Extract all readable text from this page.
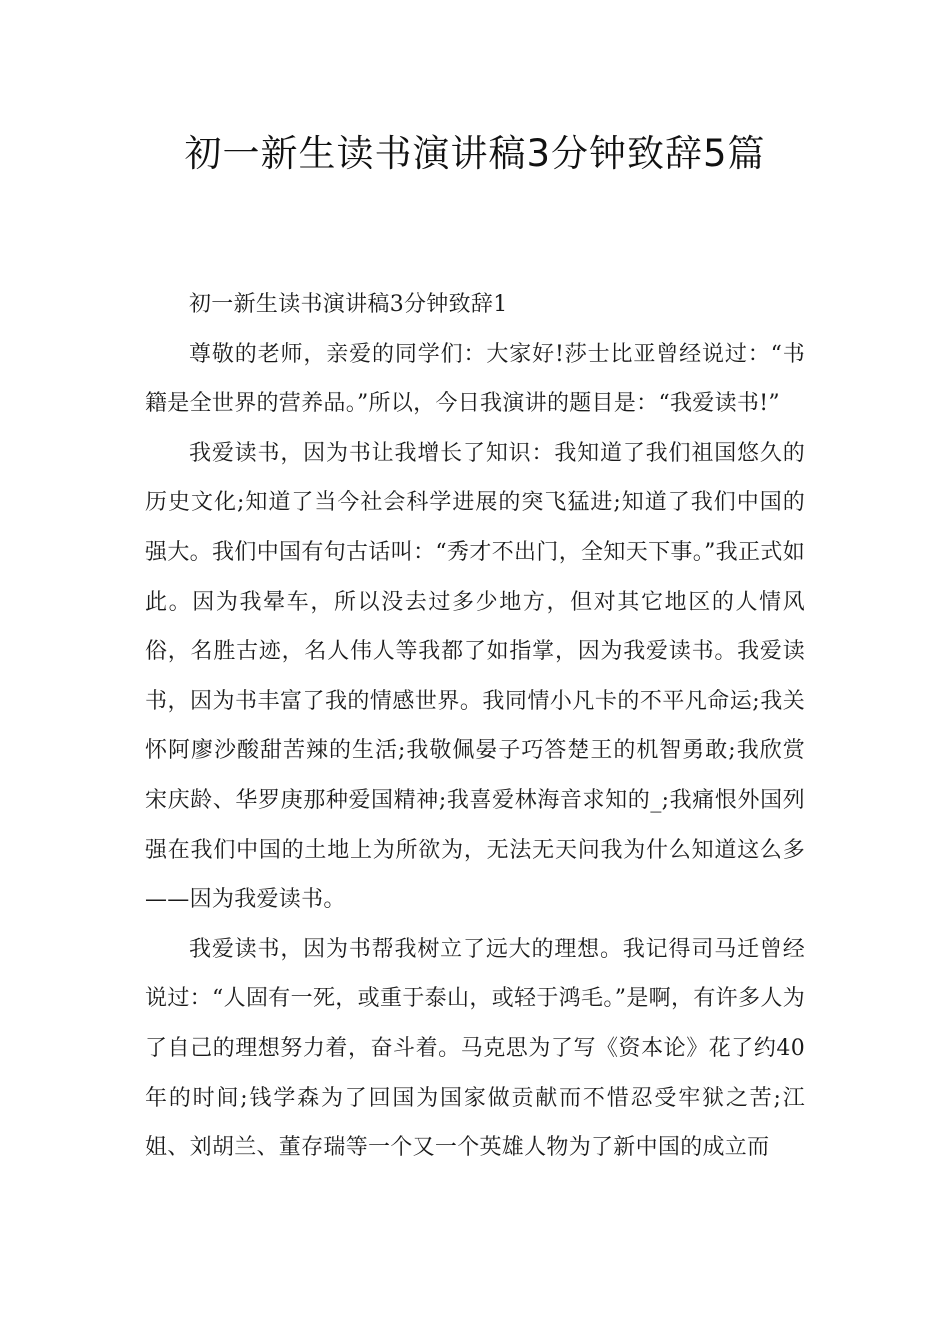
初一新生读书演讲稿3分钟致辞5篇

初一新生读书演讲稿3分钟致辞1

尊敬的老师，亲爱的同学们：大家好!莎士比亚曾经说过：“书籍是全世界的营养品。”所以，今日我演讲的题目是：“我爱读书!”

我爱读书，因为书让我增长了知识：我知道了我们祖国悠久的历史文化;知道了当今社会科学进展的突飞猛进;知道了我们中国的强大。我们中国有句古话叫：“秀才不出门，全知天下事。”我正式如此。因为我晕车，所以没去过多少地方，但对其它地区的人情风俗，名胜古迹，名人伟人等我都了如指掌，因为我爱读书。我爱读书，因为书丰富了我的情感世界。我同情小凡卡的不平凡命运;我关怀阿廖沙酸甜苦辣的生活;我敬佩晏子巧答楚王的机智勇敢;我欣赏宋庆龄、华罗庚那种爱国精神;我喜爱林海音求知的_;我痛恨外国列强在我们中国的土地上为所欲为，无法无天问我为什么知道这么多——因为我爱读书。

我爱读书，因为书帮我树立了远大的理想。我记得司马迁曾经说过：“人固有一死，或重于泰山，或轻于鸿毛。”是啊，有许多人为了自己的理想努力着，奋斗着。马克思为了写《资本论》花了约40年的时间;钱学森为了回国为国家做贡献而不惜忍受牢狱之苦;江姐、刘胡兰、董存瑞等一个又一个英雄人物为了新中国的成立而
